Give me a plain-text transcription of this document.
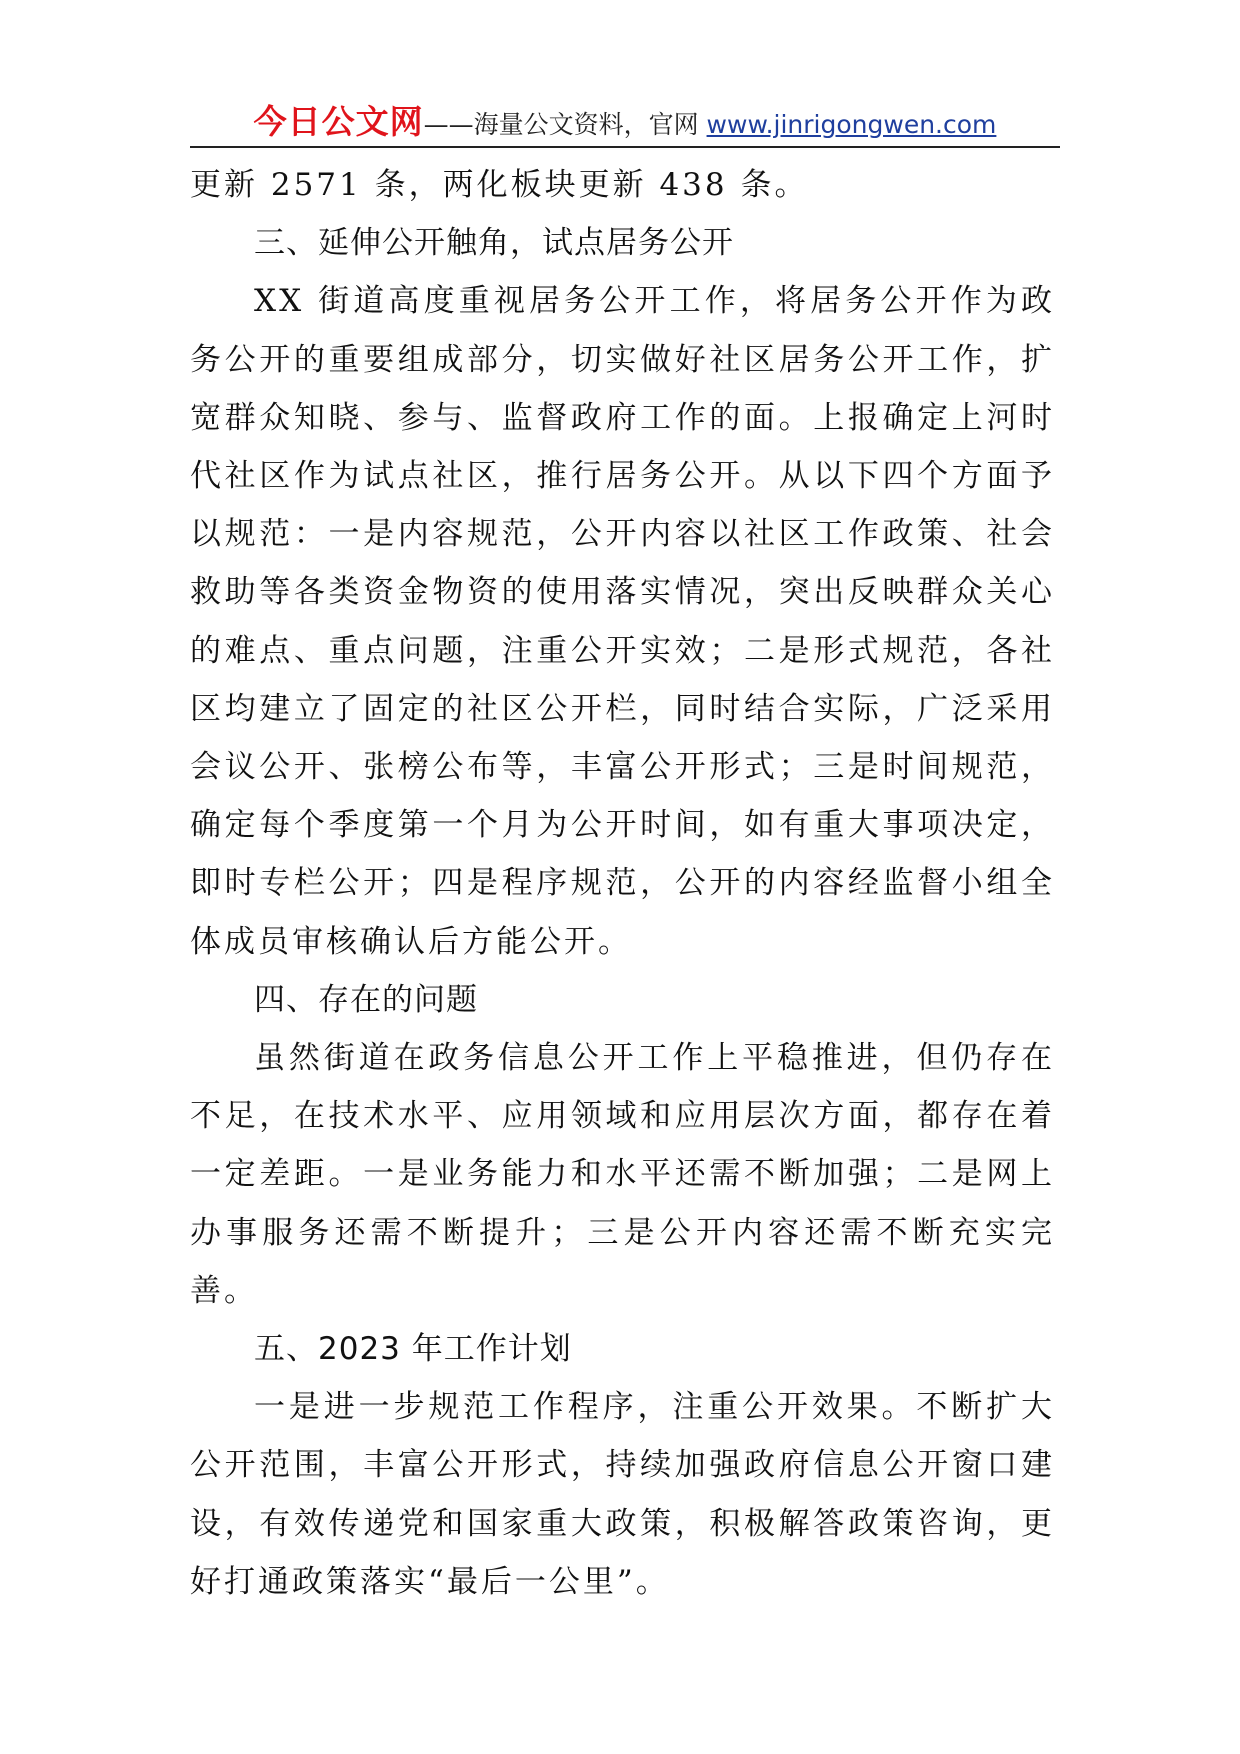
今日公文网——海量公文资料，官网 www.jinrigongwen.com

更新 2571 条，两化板块更新 438 条。

三、延伸公开触角，试点居务公开

XX 街道高度重视居务公开工作，将居务公开作为政务公开的重要组成部分，切实做好社区居务公开工作，扩宽群众知晓、参与、监督政府工作的面。上报确定上河时代社区作为试点社区，推行居务公开。从以下四个方面予以规范：一是内容规范，公开内容以社区工作政策、社会救助等各类资金物资的使用落实情况，突出反映群众关心的难点、重点问题，注重公开实效；二是形式规范，各社区均建立了固定的社区公开栏，同时结合实际，广泛采用会议公开、张榜公布等，丰富公开形式；三是时间规范，确定每个季度第一个月为公开时间，如有重大事项决定，即时专栏公开；四是程序规范，公开的内容经监督小组全体成员审核确认后方能公开。

四、存在的问题

虽然街道在政务信息公开工作上平稳推进，但仍存在不足，在技术水平、应用领域和应用层次方面，都存在着一定差距。一是业务能力和水平还需不断加强；二是网上办事服务还需不断提升；三是公开内容还需不断充实完善。

五、2023 年工作计划

一是进一步规范工作程序，注重公开效果。不断扩大公开范围，丰富公开形式，持续加强政府信息公开窗口建设，有效传递党和国家重大政策，积极解答政策咨询，更好打通政策落实“最后一公里”。
